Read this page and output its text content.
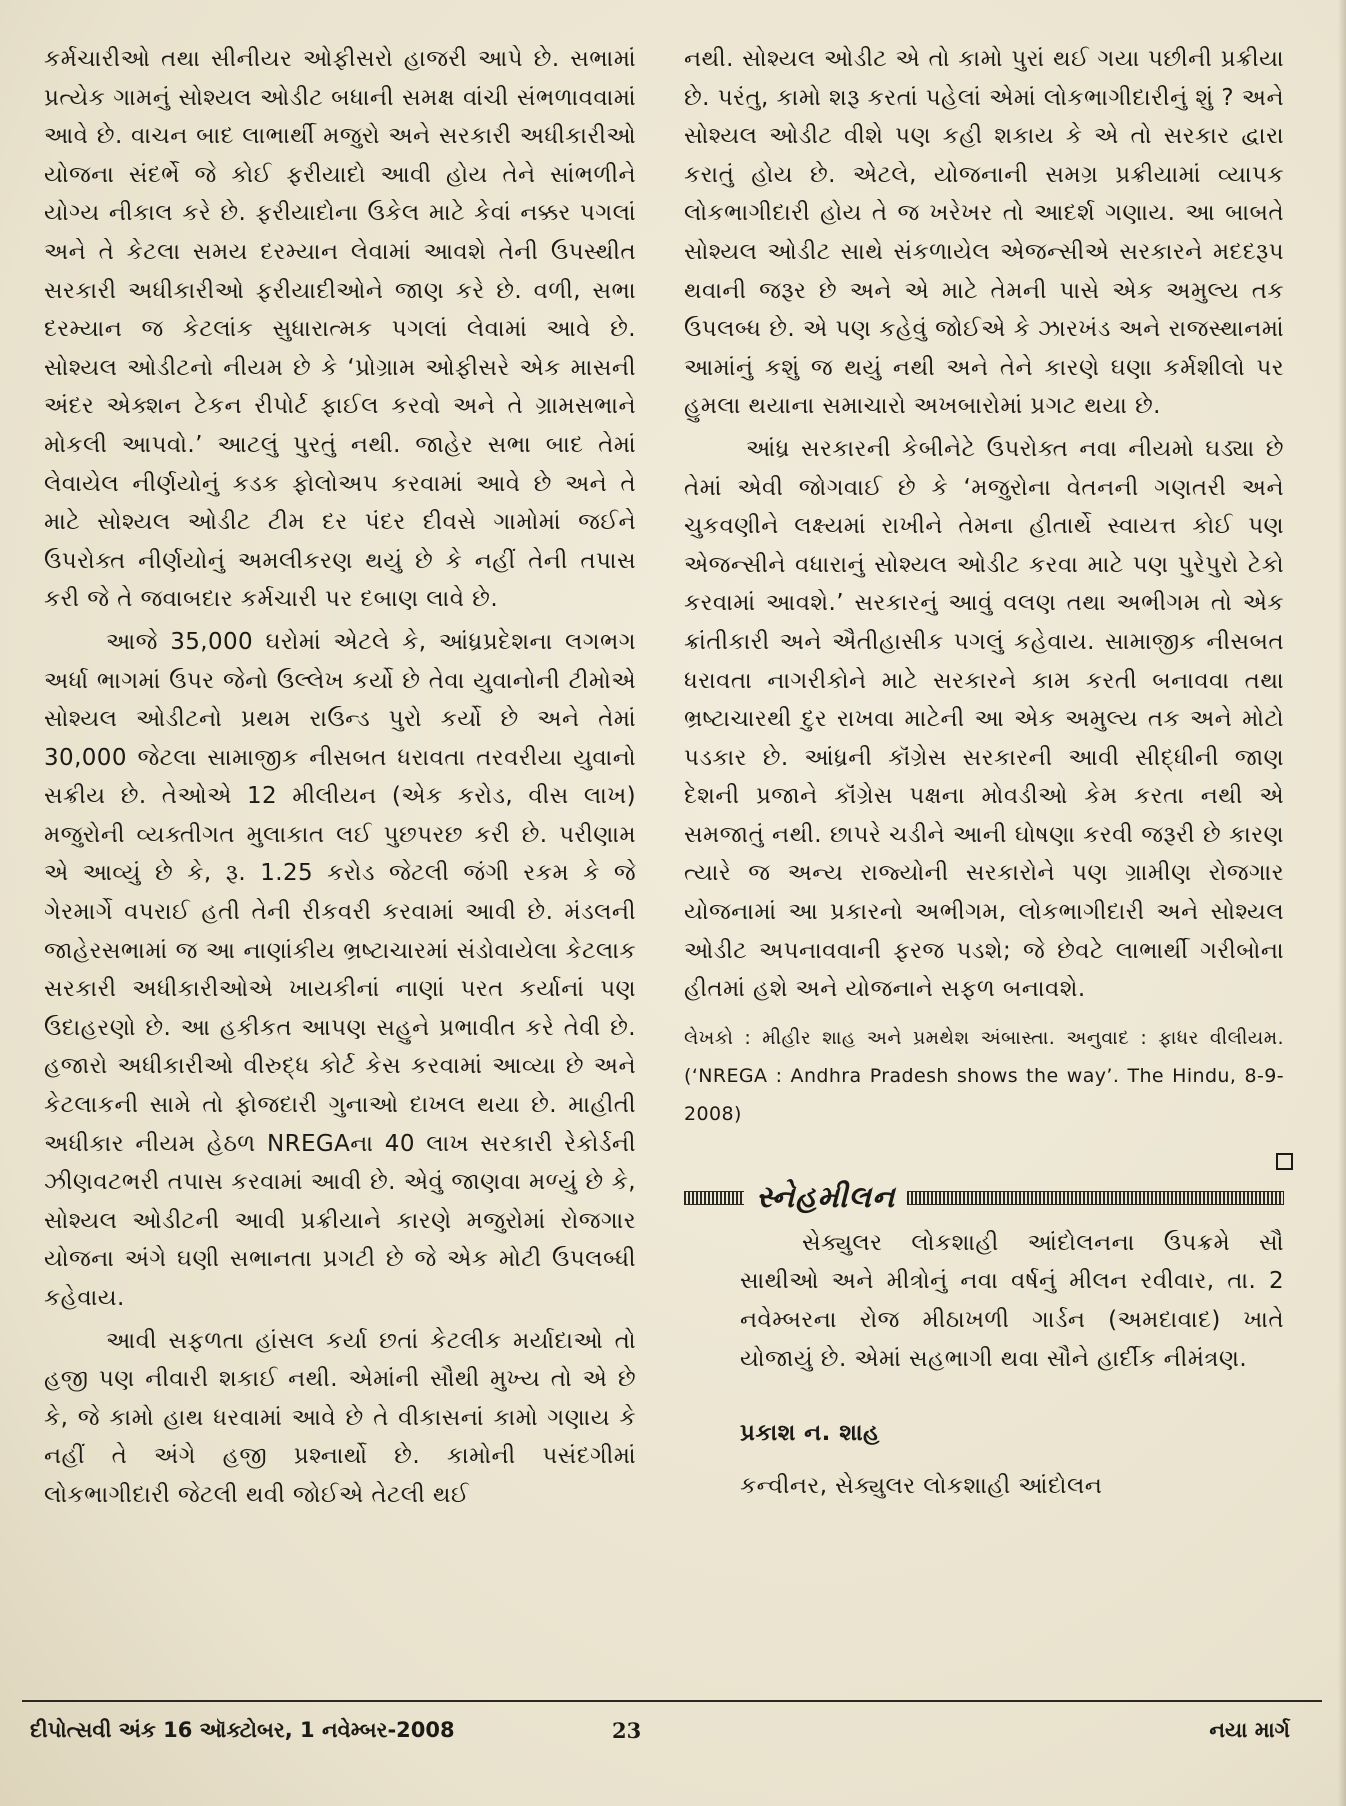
કર્મચારીઓ તથા સીનીયર ઓફીસરો હાજરી આપે છે. સભામાં પ્રત્યેક ગામનું સોશ્યલ ઓડીટ બધાની સમક્ષ વાંચી સંભળાવવામાં આવે છે. વાચન બાદ લાભાર્થી મજુરો અને સરકારી અધીકારીઓ યોજના સંદર્ભે જે કોઈ ફરીયાદો આવી હોય તેને સાંભળીને યોગ્ય નીકાલ કરે છે. ફરીયાદોના ઉકેલ માટે કેવાં નક્કર પગલાં અને તે કેટલા સમય દરમ્યાન લેવામાં આવશે તેની ઉપસ્થીત સરકારી અધીકારીઓ ફરીયાદીઓને જાણ કરે છે. વળી, સભા દરમ્યાન જ કેટલાંક સુધારાત્મક પગલાં લેવામાં આવે છે. સોશ્યલ ઓડીટનો નીયમ છે કે ‘પ્રોગ્રામ ઓફીસરે એક માસની અંદર એક્શન ટેકન રીપોર્ટ ફાઈલ કરવો અને તે ગ્રામસભાને મોકલી આપવો.’ આટલું પુરતું નથી. જાહેર સભા બાદ તેમાં લેવાયેલ નીર્ણયોનું કડક ફોલોઅપ કરવામાં આવે છે અને તે માટે સોશ્યલ ઓડીટ ટીમ દર પંદર દીવસે ગામોમાં જઈને ઉપરોક્ત નીર્ણયોનું અમલીકરણ થયું છે કે નહીં તેની તપાસ કરી જે તે જવાબદાર કર્મચારી પર દબાણ લાવે છે.

આજે 35,000 ઘરોમાં એટલે કે, આંધ્રપ્રદેશના લગભગ અર્ધા ભાગમાં ઉપર જેનો ઉલ્લેખ કર્યો છે તેવા યુવાનોની ટીમોએ સોશ્યલ ઓડીટનો પ્રથમ રાઉન્ડ પુરો કર્યો છે અને તેમાં 30,000 જેટલા સામાજીક નીસબત ધરાવતા તરવરીયા યુવાનો સક્રીય છે. તેઓએ 12 મીલીયન (એક કરોડ, વીસ લાખ) મજુરોની વ્યક્તીગત મુલાકાત લઈ પુછપરછ કરી છે. પરીણામ એ આવ્યું છે કે, રૂ. 1.25 કરોડ જેટલી જંગી રકમ કે જે ગેરમાર્ગે વપરાઈ હતી તેની રીકવરી કરવામાં આવી છે. મંડલની જાહેરસભામાં જ આ નાણાંકીય ભ્રષ્ટાચારમાં સંડોવાયેલા કેટલાક સરકારી અધીકારીઓએ ખાયકીનાં નાણાં પરત કર્યાનાં પણ ઉદાહરણો છે. આ હકીકત આપણ સહુને પ્રભાવીત કરે તેવી છે. હજારો અધીકારીઓ વીરુદ્ધ કોર્ટ કેસ કરવામાં આવ્યા છે અને કેટલાકની સામે તો ફોજદારી ગુનાઓ દાખલ થયા છે. માહીતી અધીકાર નીયમ હેઠળ NREGAના 40 લાખ સરકારી રેકોર્ડની ઝીણવટભરી તપાસ કરવામાં આવી છે. એવું જાણવા મળ્યું છે કે, સોશ્યલ ઓડીટની આવી પ્રક્રીયાને કારણે મજુરોમાં રોજગાર યોજના અંગે ઘણી સભાનતા પ્રગટી છે જે એક મોટી ઉપલબ્ધી કહેવાય.

આવી સફળતા હાંસલ કર્યા છતાં કેટલીક મર્યાદાઓ તો હજી પણ નીવારી શકાઈ નથી. એમાંની સૌથી મુખ્ય તો એ છે કે, જે કામો હાથ ધરવામાં આવે છે તે વીકાસનાં કામો ગણાય કે નહીં તે અંગે હજી પ્રશ્નાર્થો છે. કામોની પસંદગીમાં લોકભાગીદારી જેટલી થવી જોઈએ તેટલી થઈ

નથી. સોશ્યલ ઓડીટ એ તો કામો પુરાં થઈ ગયા પછીની પ્રક્રીયા છે. પરંતુ, કામો શરૂ કરતાં પહેલાં એમાં લોકભાગીદારીનું શું ? અને સોશ્યલ ઓડીટ વીશે પણ કહી શકાય કે એ તો સરકાર દ્વારા કરાતું હોય છે. એટલે, યોજનાની સમગ્ર પ્રક્રીયામાં વ્યાપક લોકભાગીદારી હોય તે જ ખરેખર તો આદર્શ ગણાય. આ બાબતે સોશ્યલ ઓડીટ સાથે સંકળાયેલ એજન્સીએ સરકારને મદદરૂપ થવાની જરૂર છે અને એ માટે તેમની પાસે એક અમુલ્ય તક ઉપલબ્ધ છે. એ પણ કહેવું જોઈએ કે ઝારખંડ અને રાજસ્થાનમાં આમાંનું કશું જ થયું નથી અને તેને કારણે ઘણા કર્મશીલો પર હુમલા થયાના સમાચારો અખબારોમાં પ્રગટ થયા છે.

આંધ્ર સરકારની કેબીનેટે ઉપરોક્ત નવા નીયમો ઘડ્યા છે તેમાં એવી જોગવાઈ છે કે ‘મજુરોના વેતનની ગણતરી અને ચુકવણીને લક્ષ્યમાં રાખીને તેમના હીતાર્થે સ્વાયત્ત કોઈ પણ એજન્સીને વધારાનું સોશ્યલ ઓડીટ કરવા માટે પણ પુરેપુરો ટેકો કરવામાં આવશે.’ સરકારનું આવું વલણ તથા અભીગમ તો એક ક્રાંતીકારી અને ઐતીહાસીક પગલું કહેવાય. સામાજીક નીસબત ધરાવતા નાગરીકોને માટે સરકારને કામ કરતી બનાવવા તથા ભ્રષ્ટાચારથી દુર રાખવા માટેની આ એક અમુલ્ય તક અને મોટો પડકાર છે. આંધ્રની કૉંગ્રેસ સરકારની આવી સીદ્ધીની જાણ દેશની પ્રજાને કૉંગ્રેસ પક્ષના મોવડીઓ કેમ કરતા નથી એ સમજાતું નથી. છાપરે ચડીને આની ઘોષણા કરવી જરૂરી છે કારણ ત્યારે જ અન્ય રાજ્યોની સરકારોને પણ ગ્રામીણ રોજગાર યોજનામાં આ પ્રકારનો અભીગમ, લોકભાગીદારી અને સોશ્યલ ઓડીટ અપનાવવાની ફરજ પડશે; જે છેવટે લાભાર્થી ગરીબોના હીતમાં હશે અને યોજનાને સફળ બનાવશે.

લેખકો : મીહીર શાહ અને પ્રમથેશ અંબાસ્તા. અનુવાદ : ફાધર વીલીયમ. (‘NREGA : Andhra Pradesh shows the way’. The Hindu, 8-9-2008)

સ્નેહમીલન

સેક્યુલર લોકશાહી આંદોલનના ઉપક્રમે સૌ સાથીઓ અને મીત્રોનું નવા વર્ષનું મીલન રવીવાર, તા. 2 નવેમ્બરના રોજ મીઠાખળી ગાર્ડન (અમદાવાદ) ખાતે યોજાયું છે. એમાં સહભાગી થવા સૌને હાર્દીક નીમંત્રણ.

પ્રકાશ ન. શાહ

કન્વીનર, સેક્યુલર લોકશાહી આંદોલન

દીપોત્સવી અંક 16 ઑક્ટોબર, 1 નવેમ્બર-2008	23	નયા માર્ગ
